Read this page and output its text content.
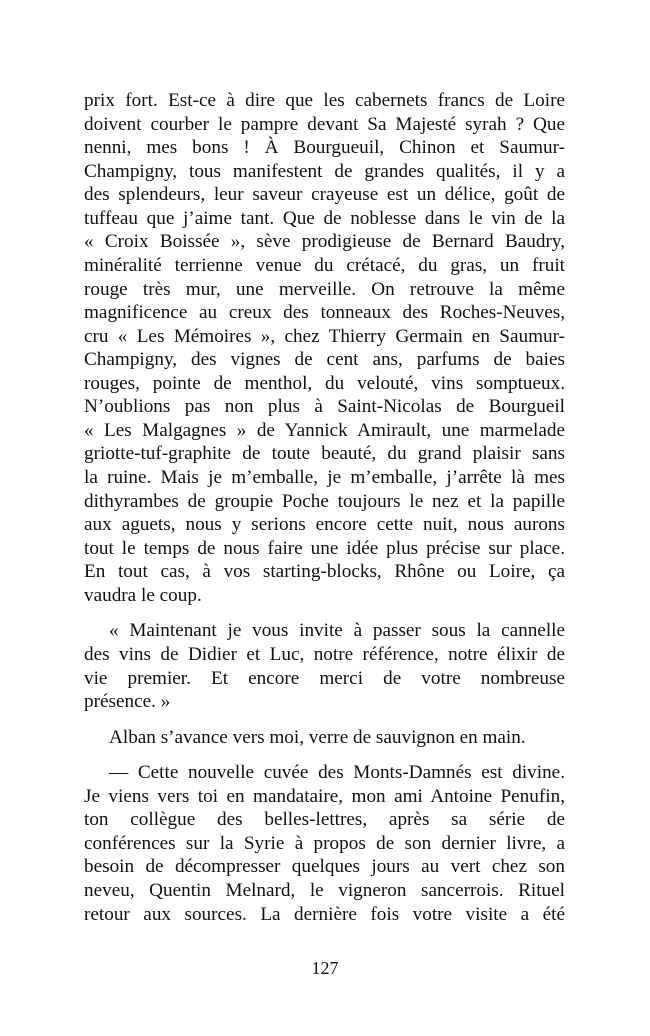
prix fort. Est-ce à dire que les cabernets francs de Loire
doivent courber le pampre devant Sa Majesté syrah ? Que
nenni, mes bons ! À Bourgueuil, Chinon et Saumur-
Champigny, tous manifestent de grandes qualités, il y a
des splendeurs, leur saveur crayeuse est un délice, goût de
tuffeau que j’aime tant. Que de noblesse dans le vin de la
« Croix Boissée », sève prodigieuse de Bernard Baudry,
minéralité terrienne venue du crétacé, du gras, un fruit
rouge très mur, une merveille. On retrouve la même
magnificence au creux des tonneaux des Roches-Neuves,
cru « Les Mémoires », chez Thierry Germain en Saumur-
Champigny, des vignes de cent ans, parfums de baies
rouges, pointe de menthol, du velouté, vins somptueux.
N’oublions pas non plus à Saint-Nicolas de Bourgueil
« Les Malgagnes » de Yannick Amirault, une marmelade
griotte-tuf-graphite de toute beauté, du grand plaisir sans
la ruine. Mais je m’emballe, je m’emballe, j’arrête là mes
dithyrambes de groupie Poche toujours le nez et la papille
aux aguets, nous y serions encore cette nuit, nous aurons
tout le temps de nous faire une idée plus précise sur place.
En tout cas, à vos starting-blocks, Rhône ou Loire, ça
vaudra le coup.
« Maintenant je vous invite à passer sous la cannelle
des vins de Didier et Luc, notre référence, notre élixir de
vie premier. Et encore merci de votre nombreuse
présence. »
Alban s’avance vers moi, verre de sauvignon en main.
— Cette nouvelle cuvée des Monts-Damnés est divine.
Je viens vers toi en mandataire, mon ami Antoine Penufin,
ton collègue des belles-lettres, après sa série de
conférences sur la Syrie à propos de son dernier livre, a
besoin de décompresser quelques jours au vert chez son
neveu, Quentin Melnard, le vigneron sancerrois. Rituel
retour aux sources. La dernière fois votre visite a été
127
